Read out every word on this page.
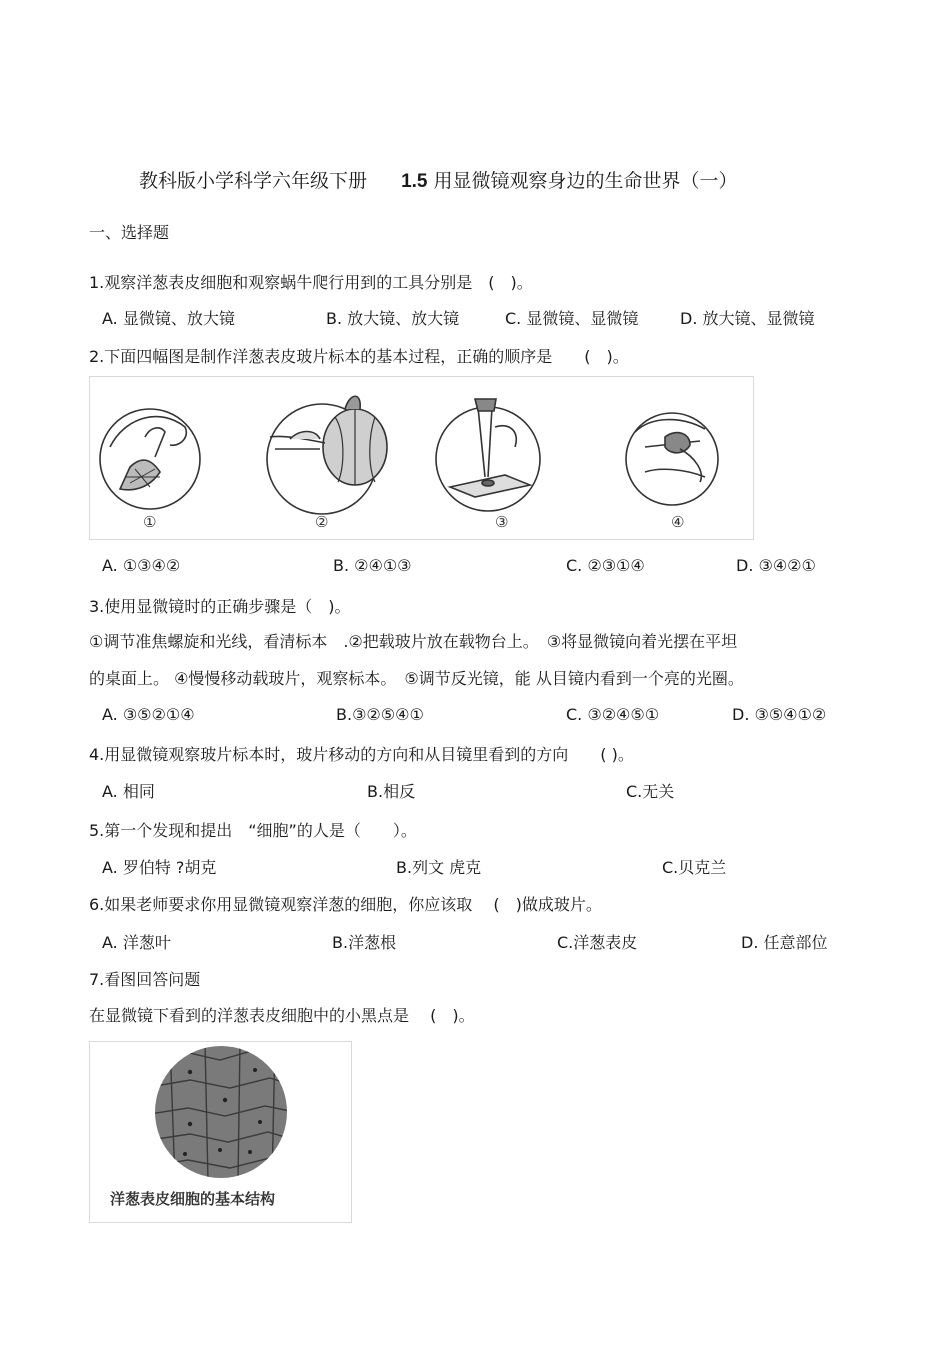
教科版小学科学六年级下册 1.5 用显微镜观察身边的生命世界（一）
一、选择题
1.观察洋葱表皮细胞和观察蜗牛爬行用到的工具分别是　(　)。
A. 显微镜、放大镜	B. 放大镜、放大镜	C. 显微镜、显微镜	D. 放大镜、显微镜
2.下面四幅图是制作洋葱表皮玻片标本的基本过程，正确的顺序是　　(　)。
①	②	③	④
A. ①③④②	B. ②④①③	C. ②③①④	D. ③④②①
3.使用显微镜时的正确步骤是（　)。
①调节准焦螺旋和光线，看清标本　.②把载玻片放在载物台上。　③将显微镜向着光摆在平坦
的桌面上。 ④慢慢移动载玻片，观察标本。　⑤调节反光镜，能 从目镜内看到一个亮的光圈。
A. ③⑤②①④	B.③②⑤④①	C. ③②④⑤①	D. ③⑤④①②
4.用显微镜观察玻片标本时，玻片移动的方向和从目镜里看到的方向　　( )。
A. 相同	B.相反	C.无关
5.第一个发现和提出　“细胞”的人是（　　）。
A. 罗伯特 ?胡克	B.列文 虎克	C.贝克兰
6.如果老师要求你用显微镜观察洋葱的细胞，你应该取　 (　)做成玻片。
A. 洋葱叶	B.洋葱根	C.洋葱表皮	D. 任意部位
7.看图回答问题
在显微镜下看到的洋葱表皮细胞中的小黑点是　 (　)。
洋葱表皮细胞的基本结构
